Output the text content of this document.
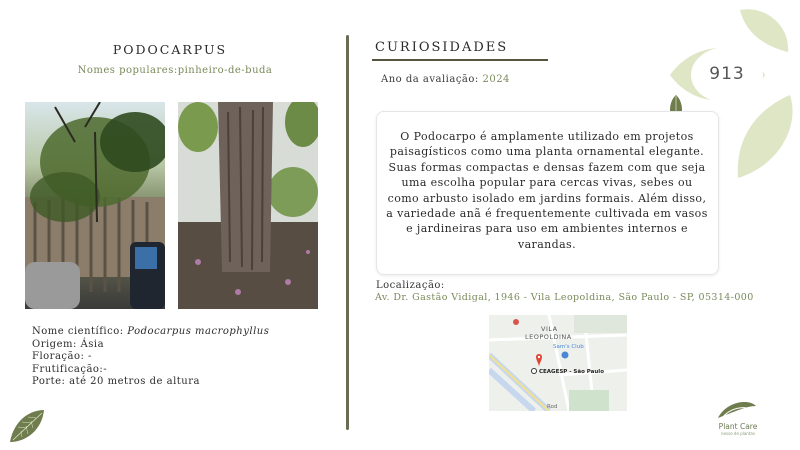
PODOCARPUS
Nomes populares:pinheiro-de-buda
Nome científico: Podocarpus macrophyllus
Origem: Ásia
Floração: -
Frutificação:-
Porte: até 20 metros de altura
CURIOSIDADES
Ano da avaliação: 2024
O Podocarpo é amplamente utilizado em projetos paisagísticos como uma planta ornamental elegante. Suas formas compactas e densas fazem com que seja uma escolha popular para cercas vivas, sebes ou como arbusto isolado em jardins formais. Além disso, a variedade anã é frequentemente cultivada em vasos e jardineiras para uso em ambientes internos e varandas.
Localização:
Av. Dr. Gastão Vidigal, 1946 - Vila Leopoldina, São Paulo - SP, 05314-000
VILA
LEOPOLDINA
Sam's Club
CEAGESP - São Paulo
Rod
913
Plant Care
nesse de plantas
